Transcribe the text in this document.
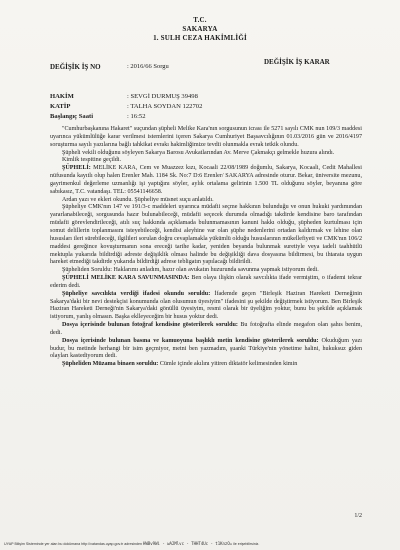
T.C.
SAKARYA
1. SULH CEZA HAKİMLİĞİ
DEĞİŞİK İŞ NO	: 2016/66 Sorgu
DEĞİŞİK İŞ KARAR
HAKİM	: SEVGİ DURMUŞ 39498
KATİP	: TALHA SOYDAN 122702
Başlangıç Saati	: 16:52

"Cumhurbaşkanına Hakaret" suçundan şüpheli Melike Kara'nın sorgusunun icrası ile 5271 sayılı CMK nun 109/3 maddesi uyarınca yükümlülüğe karar verilmesi istemlerini içeren Sakarya Cumhuriyet Başsavcılığının 01.03/2016 gün ve 2016/4197 soruşturma sayılı yazılarına bağlı tahkikat evrakı hakimliğimize tevdii olunmakla evrak tetkik olundu.

Şüpheli vekili olduğunu söyleyen Sakarya Barosu Avukatlarından Av. Merve Çakmakçı gelmekle huzura alındı.

Kimlik tespitine geçildi.

ŞÜPHELİ: MELİKE KARA, Cem ve Muazzez kızı, Kocaali 22/08/1989 doğumlu, Sakarya, Kocaali, Cedit Mahallesi nüfusunda kayıtlı olup halen Erenler Mah. 1184 Sk. No:7 D:6 Erenler/ SAKARYA adresinde oturur. Bekar, üniversite mezunu, gayrimenkul değerleme uzmanlığı işi yaptığını söyler, aylık ortalama gelirinin 1.500 TL olduğunu söyler, beyanına göre sabıkasız, T.C. vatandaşı. TEL: 05541146658.

Ardan yazı ve ekleri okundu. Şüpheliye müsnet suçu anlatıldı.

Şüpheliye CMK'nın 147 ve 191/3-c maddeleri uyarınca müdafii seçme hakkının bulunduğu ve onun hukuki yardımından yararlanabileceği, sorgusunda hazır bulunabileceği, müdafii seçecek durumda olmadığı takdirde kendisine baro tarafından müdafii görevlendirileceği, atılı suç hakkında açıklamada bulunmamasının kanuni hakkı olduğu, şüpheden kurtulması için somut delillerin toplanmasını isteyebileceği, kendisi aleyhine var olan şüphe nedenlerini ortadan kaldırmak ve lehine olan hususları ileri sürebileceği, ilgilileri sorulan doğru cevaplamakla yükümlü olduğu hususlarının mükellefiyeti ve CMK'nın 106/2 maddesi gereğince kovuşturmanın sona ereceği tarihe kadar, yeniden beyanda bulunmak suretiyle veya iadeli taahhütlü mektupla yukarıda bildirdiği adreste değişiklik olması halinde bu değişikliği dava dosyasına bildirmesi, bu ihtarata uygun hareket etmediği takdirde yukarıda bildirdiği adrese tebligatın yapılacağı bildirildi.

Şüpheliden Soruldu: Haklarımı anladım, hazır olan avukatın huzurunda savunma yapmak istiyorum dedi.

ŞÜPHELİ MELİKE KARA SAVUNMASINDA: Ben olaya ilişkin olarak savcılıkta ifade vermiştim, o ifademi tekrar ederim dedi.

Şüpheliye savcılıkta verdiği ifadesi okundu soruldu: İfademde geçen "Birleşik Haziran Hareketi Derneğinin Sakarya'daki bir nevi destekçisi konumunda olan olusumun üyesiyim" ifadesini şu şekilde değiştirmek istiyorum. Ben Birleşik Haziran Hareketi Derneği'nin Sakarya'daki gönüllü üyesiyim, resmi olarak bir üyeliğim yoktur, bunu bu şekilde açıklamak istiyorum, yanlış olmasın. Başka eklleyeceğim bir husus yoktur dedi.

Dosya içerisinde bulunan fotoğraf kendisine gösterilerek soruldu: Bu fotoğrafta elinde megafon olan şahıs benim, dedi.

Dosya içerisinde bulunan basına ve kamuoyuna başlıklı metin kendisine gösterilerek soruldu: Okuduğum yazı budur, bu metinde herhangi bir isim geçmiyor, metni ben yazmadım, şuanki Türkiye'nin yönetime halini, hukuksuz giden olayları kastediyorum dedi.

Şüpheliden Müzama binaen soruldu: Cümle içinde akılını yitiren diktatör kelimesinden kimin

1/2
UYAP Bilişim Sisteminde yer alan bu dokümana http://vatandas.uyap.gov.tr adresinden HWBv9Wi - wA2Mlvc - THHT4Uc - t1KnzO= ile erişebilirsiniz.
